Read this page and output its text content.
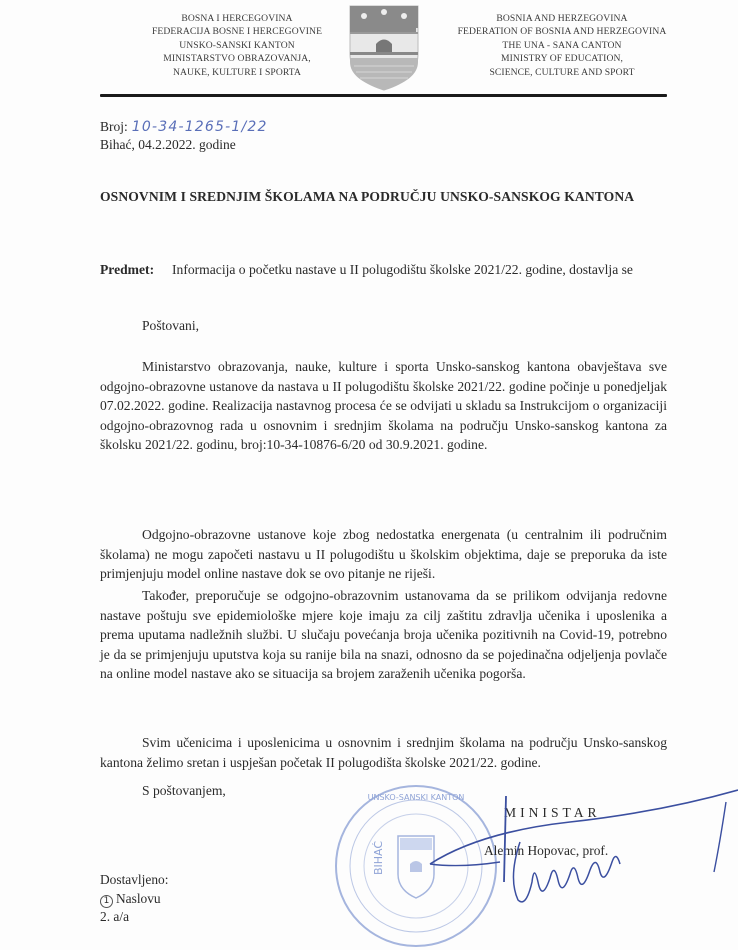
BOSNA I HERCEGOVINA
FEDERACIJA BOSNE I HERCEGOVINE
UNSKO-SANSKI KANTON
MINISTARSTVO OBRAZOVANJA,
NAUKE, KULTURE I SPORTA
BOSNIA AND HERZEGOVINA
FEDERATION OF BOSNIA AND HERZEGOVINA
THE UNA - SANA CANTON
MINISTRY OF EDUCATION,
SCIENCE, CULTURE AND SPORT
Broj: 10-34-1265-1/22
Bihać, 04.2.2022. godine
OSNOVNIM I SREDNJIM ŠKOLAMA NA PODRUČJU UNSKO-SANSKOG KANTONA
Predmet: Informacija o početku nastave u II polugodištu školske 2021/22. godine, dostavlja se
Poštovani,
Ministarstvo obrazovanja, nauke, kulture i sporta Unsko-sanskog kantona obavještava sve odgojno-obrazovne ustanove da nastava u II polugodištu školske 2021/22. godine počinje u ponedjeljak 07.02.2022. godine. Realizacija nastavnog procesa će se odvijati u skladu sa Instrukcijom o organizaciji odgojno-obrazovnog rada u osnovnim i srednjim školama na području Unsko-sanskog kantona za školsku 2021/22. godinu, broj:10-34-10876-6/20 od 30.9.2021. godine.
Odgojno-obrazovne ustanove koje zbog nedostatka energenata (u centralnim ili područnim školama) ne mogu započeti nastavu u II polugodištu u školskim objektima, daje se preporuka da iste primjenjuju model online nastave dok se ovo pitanje ne riješi.
Također, preporučuje se odgojno-obrazovnim ustanovama da se prilikom odvijanja redovne nastave poštuju sve epidemiološke mjere koje imaju za cilj zaštitu zdravlja učenika i uposlenika a prema uputama nadležnih službi. U slučaju povećanja broja učenika pozitivnih na Covid-19, potrebno je da se primjenjuju uputstva koja su ranije bila na snazi, odnosno da se pojedinačna odjeljenja povlače na online model nastave ako se situacija sa brojem zaraženih učenika pogorša.
Svim učenicima i uposlenicima u osnovnim i srednjim školama na području Unsko-sanskog kantona želimo sretan i uspješan početak II polugodišta školske 2021/22. godine.
S poštovanjem,
BIHAĆ
UNSKO-SANSKI KANTON
MINISTAR
Alemin Hopovac, prof.
Dostavljeno:
1 Naslovu
2. a/a
